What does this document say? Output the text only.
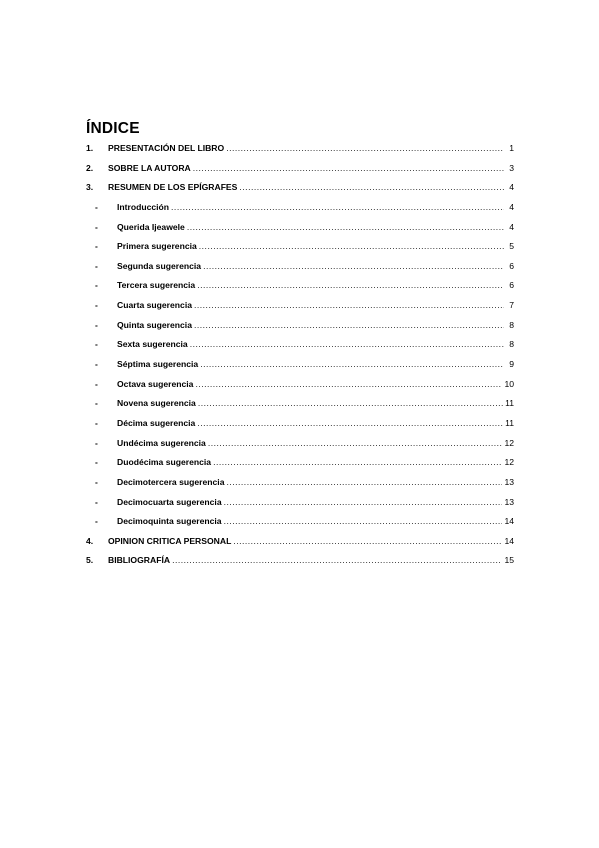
ÍNDICE
1.	PRESENTACIÓN DEL LIBRO .....	1
2.	SOBRE LA AUTORA .....	3
3.	RESUMEN DE LOS EPÍGRAFES .....	4
-	Introducción .....	4
-	Querida Ijeawele .....	4
-	Primera sugerencia .....	5
-	Segunda sugerencia .....	6
-	Tercera sugerencia .....	6
-	Cuarta sugerencia .....	7
-	Quinta sugerencia .....	8
-	Sexta sugerencia .....	8
-	Séptima sugerencia .....	9
-	Octava sugerencia .....	10
-	Novena sugerencia .....	11
-	Décima sugerencia .....	11
-	Undécima sugerencia .....	12
-	Duodécima sugerencia .....	12
-	Decimotercera sugerencia .....	13
-	Decimocuarta sugerencia .....	13
-	Decimoquinta sugerencia .....	14
4.	OPINION CRITICA PERSONAL .....	14
5.	BIBLIOGRAFÍA .....	15
